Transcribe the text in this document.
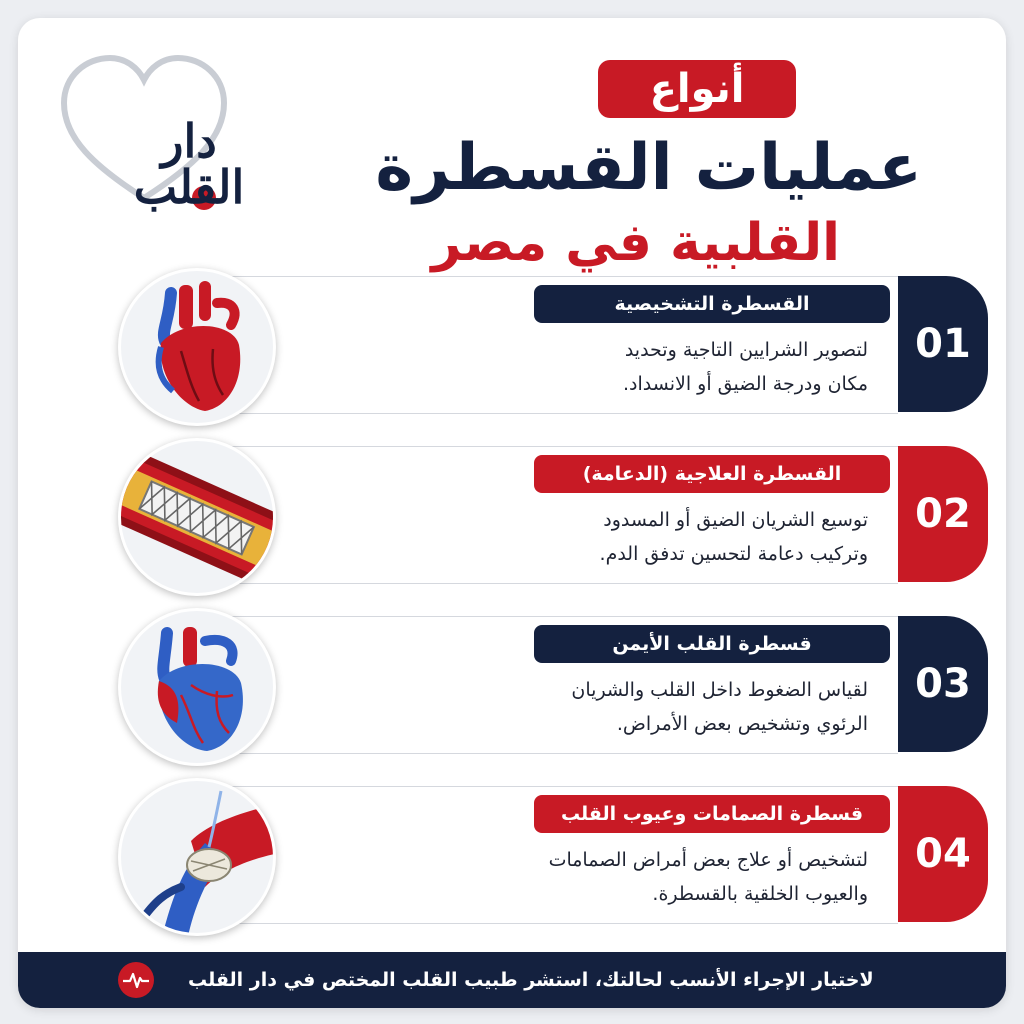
دار القلب
أنواع
عمليات القسطرة
القلبية في مصر
القسطرة التشخيصية
لتصوير الشرايين التاجية وتحديد
مكان ودرجة الضيق أو الانسداد.
01
القسطرة العلاجية (الدعامة)
توسيع الشريان الضيق أو المسدود
وتركيب دعامة لتحسين تدفق الدم.
02
قسطرة القلب الأيمن
لقياس الضغوط داخل القلب والشريان
الرئوي وتشخيص بعض الأمراض.
03
قسطرة الصمامات وعيوب القلب
لتشخيص أو علاج بعض أمراض الصمامات
والعيوب الخلقية بالقسطرة.
04
لاختيار الإجراء الأنسب لحالتك، استشر طبيب القلب المختص في دار القلب
